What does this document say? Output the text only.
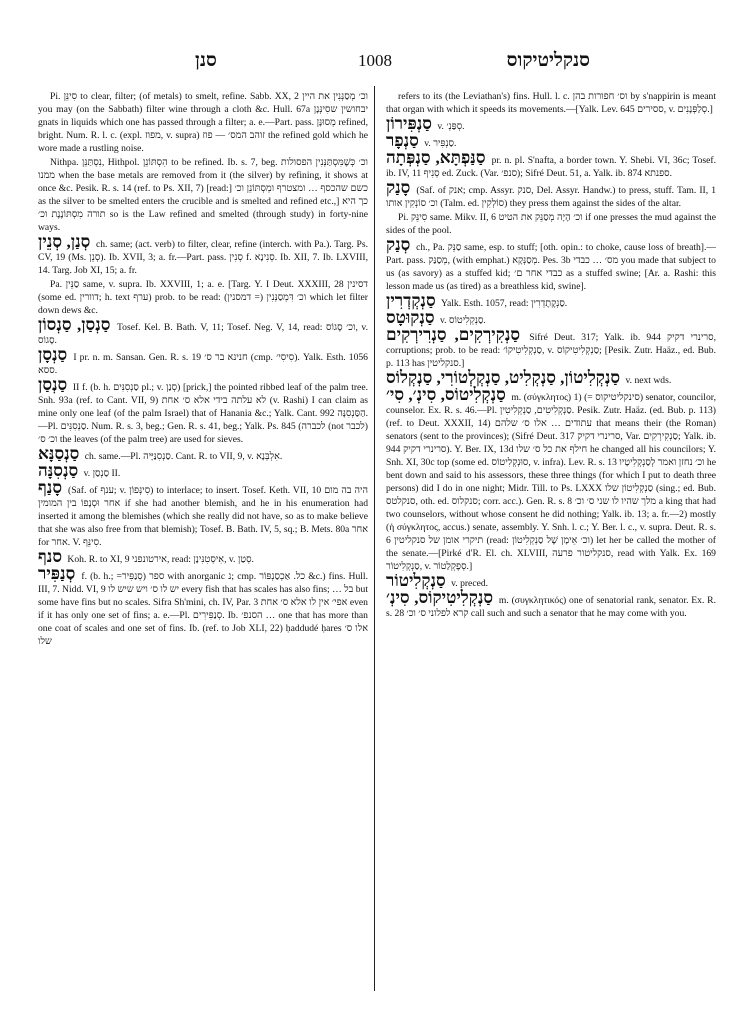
סנן	1008	סנקליטיקוס

Pi. סִינֵּן to clear, filter; (of metals) to smelt, refine. Sabb. XX, 2 וכ׳ מְסַנְּנִין את היין you may (on the Sabbath) filter wine through a cloth &c. Hull. 67a יבחושין שסִינְּנָן gnats in liquids which one has passed through a filter; a. e.—Part. pass. מְסוּנָּן refined, bright. Num. R. l. c. (expl. מפוז, v. supra) זוהב המס׳ — פוז the refined gold which he wore made a rustling noise.

Nithpa. נִסְתַּנֵּן, Hithpol. הִסְתּוֹנֵן to be refined. Ib. s. 7, beg. וכ׳ כְּשֶׁמִּסְתַּנְּנִין הפסולות ממנו when the base metals are removed from it (the silver) by refining, it shows at once &c. Pesik. R. s. 14 (ref. to Ps. XII, 7) [read:] כשם שהכסף … ומצטרף ומְסְתּוֹנֵן וכ׳ as the silver to be smelted enters the crucible and is smelted and refined etc.,] כך היא תורה מִסְתּוֹנֶנֶת וכ׳ so is the Law refined and smelted (through study) in forty-nine ways.

סְנַן, סְנֵין ch. same; (act. verb) to filter, clear, refine (interch. with Pa.). Targ. Ps. CV, 19 (Ms. סְנֵן). Ib. XVII, 3; a. fr.—Part. pass. סְנִין f. סְנִינָא. Ib. XII, 7. Ib. LXVIII, 14. Targ. Job XI, 15; a. fr.

Pa. סַנֵּין same, v. supra. Ib. XXVIII, 1; a. e. [Targ. Y. I Deut. XXXIII, 28 דסינין (some ed. דוורין; h. text ערף) prob. to be read: (דמסנין =) וכ׳ דִּמְסַנְּנִין which let filter down dews &c.

סַנְסַן, סַנְסוֹן Tosef. Kel. B. Bath. V, 11; Tosef. Neg. V, 14, read: וכ׳ סָגוֹס, v. סָגוֹס.

סַנְסָן I pr. n. m. Sansan. Gen. R. s. 19 חנינא בר ס׳ (cmp. סִיסִי׳). Yalk. Esth. 1056 ססא.

סַנְסַן II f. (b. h. סַנְסִנִּים pl.; v. סְנַן) [prick,] the pointed ribbed leaf of the palm tree. Snh. 93a (ref. to Cant. VII, 9) לא עלתה בידי אלא ס׳ אחת (v. Rashi) I can claim as mine only one leaf (of the palm Israel) that of Hanania &c.; Yalk. Cant. 992 הַסַּנְסִנָּה.—Pl. סַנְסִנִּים. Num. R. s. 3, beg.; Gen. R. s. 41, beg.; Yalk. Ps. 845 (לכברה (not לכבר) וכ׳ ס׳ the leaves (of the palm tree) are used for sieves.

סַנְסַנָּא ch. same.—Pl. סַנְסִנַּיָּיה. Cant. R. to VII, 9, v. אִלְבְּנָא.

סַנְסִנָּה v. סַנְסַן II.

סָנַף (Saf. of ענף; v. סִינְּפוֹן) to interlace; to insert. Tosef. Keth. VII, 10 היה בה מום אחר וּסְנָפוֹ בין המומין if she had another blemish, and he in his enumeration had inserted it among the blemishes (which she really did not have, so as to make believe that she was also free from that blemish); Tosef. B. Bath. IV, 5, sq.; B. Mets. 80a אחר for אחר. V. סִינֵּף.

סנף Koh. R. to XI, 9 אירטונפני, read: אִיסְטִנִּינָן, v. סְטַן.

סְנַפִּיר f. (b. h.; =סְנַפִּיר) ספר with anorganic נ; cmp. כל. אַכְסַנְפּוֹר &c.) fins. Hull. III, 7. Nidd. VI, 9 יש לו ס׳ ויש שיש לו every fish that has scales has also fins; … בל but some have fins but no scales. Sifra Sh'mini, ch. IV, Par. 3 אפי׳ אין לו אלא ס׳ אחת even if it has only one set of fins; a. e.—Pl. סְנַפִּירִים. Ib. הסנפ׳ … one that has more than one coat of scales and one set of fins. Ib. (ref. to Job XLI, 22) ḥaddudé ḥares אלו ס׳ שלו

refers to its (the Leviathan's) fins. Hull. l. c. וס׳ חפורות בהן by s'nappirin is meant that organ with which it speeds its movements.—[Yalk. Lev. 645 ססירים, v. סְלַפְּנָנִים.]

סַנְפִּירוֹן v. סְפַּנְ׳.

סַנְפָר v. סַנְפִּיר.

סַנַּפְתָּא, סַנְפְּתָה pr. n. pl. S'nafta, a border town. Y. Shebi. VI, 36c; Tosef. ib. IV, 11 סְנִיף ed. Zuck. (Var. סנפ׳); Sifré Deut. 51, a. Yalk. ib. 874 ספנתא.

סָנַק (Saf. of אנק; cmp. Assyr. סנק, Del. Assyr. Handw.) to press, stuff. Tam. II, 1 וכ׳ סוֹנְקִין אותו (Talm. ed. סוֹלְקִין) they press them against the sides of the altar.

Pi. סִינֵּק same. Mikv. II, 6 וכ׳ הָיָה מְסַנֵּק את הטיט if one presses the mud against the sides of the pool.

סְנַק ch., Pa. סַנֵּק same, esp. to stuff; [oth. opin.: to choke, cause loss of breath].—Part. pass. מְסַנַּק, (with emphat.) מְסַנְּקָא. Pes. 3b מס׳ … כבדי you made that subject to us (as savory) as a stuffed kid; כבדי אחר ם׳ as a stuffed swine; [Ar. a. Rashi: this lesson made us (as tired) as a breathless kid, swine].

סַנְקְדְרִין Yalk. Esth. 1057, read: סַנְקֶתֶדְרִין.

סַנְקוּטָס v. סַנְקְלִיטוֹס.

סַנְקִירְקִים, סַנְרִירְקִים Sifré Deut. 317; Yalk. ib. 944 סרינרי דקיק, corruptions; prob. to be read: סַנְקְלִיטִיקוֹ׳, v. סַנְקְלִיטִיקוֹס; [Pesik. Zutr. Haäz., ed. Bub. p. 113 has סנקליטין.]

סַנְקְלִיטוֹן, סַנְקְלִיט, סַנְקְלְטוֹרִי, סַנְקְלוֹס v. next wds.

סַנְקְלִיטוֹס, סִינְ׳, סִי׳ m. (σύγκλητος) 1) (= סינקליטיקוס) senator, councilor, counselor. Ex. R. s. 46.—Pl. סַנְקְלִיטִים, סַנְקְלִיטִין. Pesik. Zutr. Haäz. (ed. Bub. p. 113) (ref. to Deut. XXXII, 14) עתודים … אלו ס׳ שלהם that means their (the Roman) senators (sent to the provinces); (Sifré Deut. 317 סרינרי דקיק, Var. סַנְקִירְקִים; Yalk. ib. 944 סרינרי דקיק). Y. Ber. IX, 13d חילף את כל ס׳ שלו he changed all his councilors; Y. Snh. XI, 30c top (some ed. סוּנְקְלִיטוֹס, v. infra). Lev. R. s. 13 וכ׳ נחזן ואמר לְסַנְקְלִיטָיו he bent down and said to his assessors, these three things (for which I put to death three persons) did I do in one night; Midr. Till. to Ps. LXXX סַנְקְלִיטוֹן שלו (sing.; ed. Bub. סנקלטס, oth. ed. סנקלוס; corr. acc.). Gen. R. s. 8 מלך שהיו לו שני ס׳ וכ׳ a king that had two counselors, without whose consent he did nothing; Yalk. ib. 13; a. fr.—2) mostly (ἡ σύγκλητος, accus.) senate, assembly. Y. Snh. l. c.; Y. Ber. l. c., v. supra. Deut. R. s. 6 תיקרי אומן של סנקליטין (read: וכ׳ אֵימָן שֶׁל סַנְקְלִיטוֹן) let her be called the mother of the senate.—[Pirké d'R. El. ch. XLVIII, סנקליטור פרעה, read with Yalk. Ex. 169 סַנְקְלִיטוֹר, v. סְפֶקְלַטוֹר.]

סַנְקְלִיטוֹר v. preced.

סַנְקְלִיטִיקוֹס, סִינְ׳ m. (συγκλητικός) one of senatorial rank, senator. Ex. R. s. 28 קרא לפלוני ס׳ וכ׳ call such and such a senator that he may come with you.
